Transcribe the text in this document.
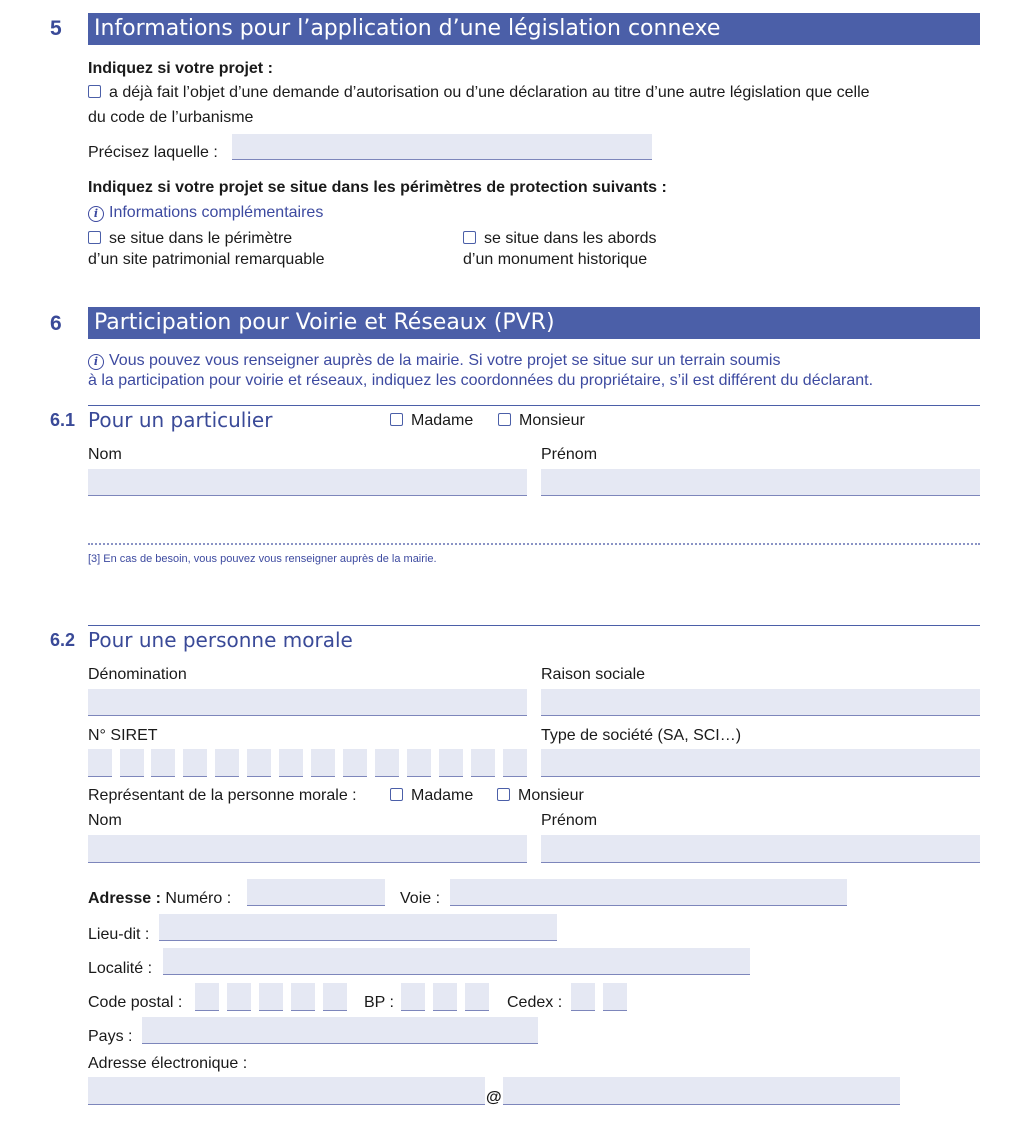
5 Informations pour l’application d’une législation connexe
Indiquez si votre projet :
a déjà fait l’objet d’une demande d’autorisation ou d’une déclaration au titre d’une autre législation que celle
du code de l’urbanisme
Précisez laquelle :
Indiquez si votre projet se situe dans les périmètres de protection suivants :
i Informations complémentaires
se situe dans le périmètre
d’un site patrimonial remarquable
se situe dans les abords
d’un monument historique
6 Participation pour Voirie et Réseaux (PVR)
i Vous pouvez vous renseigner auprès de la mairie. Si votre projet se situe sur un terrain soumis
à la participation pour voirie et réseaux, indiquez les coordonnées du propriétaire, s’il est différent du déclarant.
6.1 Pour un particulier	Madame	Monsieur
Nom	Prénom
[3] En cas de besoin, vous pouvez vous renseigner auprès de la mairie.
6.2 Pour une personne morale
Dénomination	Raison sociale
N° SIRET	Type de société (SA, SCI…)
Représentant de la personne morale :	Madame	Monsieur
Nom	Prénom
Adresse : Numéro :	Voie :
Lieu-dit :
Localité :
Code postal :	BP :	Cedex :
Pays :
Adresse électronique :
@
